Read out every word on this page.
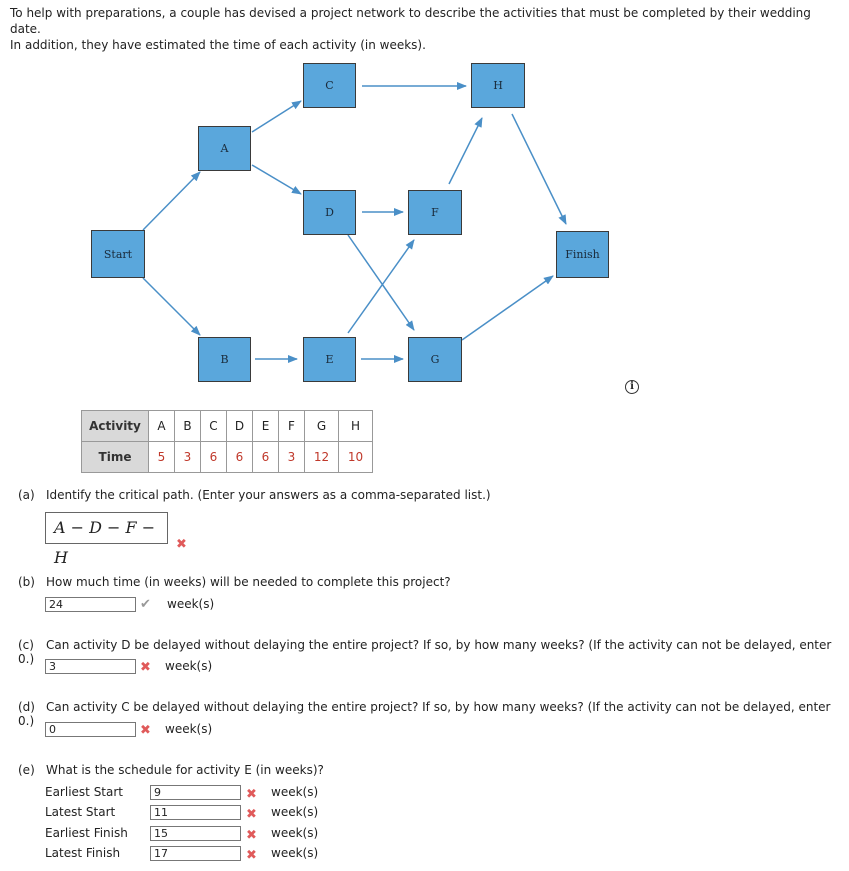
To help with preparations, a couple has devised a project network to describe the activities that must be completed by their wedding date.
In addition, they have estimated the time of each activity (in weeks).
Start
A
B
C
D
E
F
G
H
Finish
i
Activity	A	B	C	D	E	F	G	H
Time	5	3	6	6	6	3	12	10
(a) Identify the critical path. (Enter your answers as a comma-separated list.)
A − D − F − H
✖
(b) How much time (in weeks) will be needed to complete this project?
24	✔ week(s)
(c) Can activity D be delayed without delaying the entire project? If so, by how many weeks? (If the activity can not be delayed, enter 0.)
3	✖ week(s)
(d) Can activity C be delayed without delaying the entire project? If so, by how many weeks? (If the activity can not be delayed, enter 0.)
0	✖ week(s)
(e) What is the schedule for activity E (in weeks)?
Earliest Start	9	✖ week(s)
Latest Start	11	✖ week(s)
Earliest Finish	15	✖ week(s)
Latest Finish	17	✖ week(s)
